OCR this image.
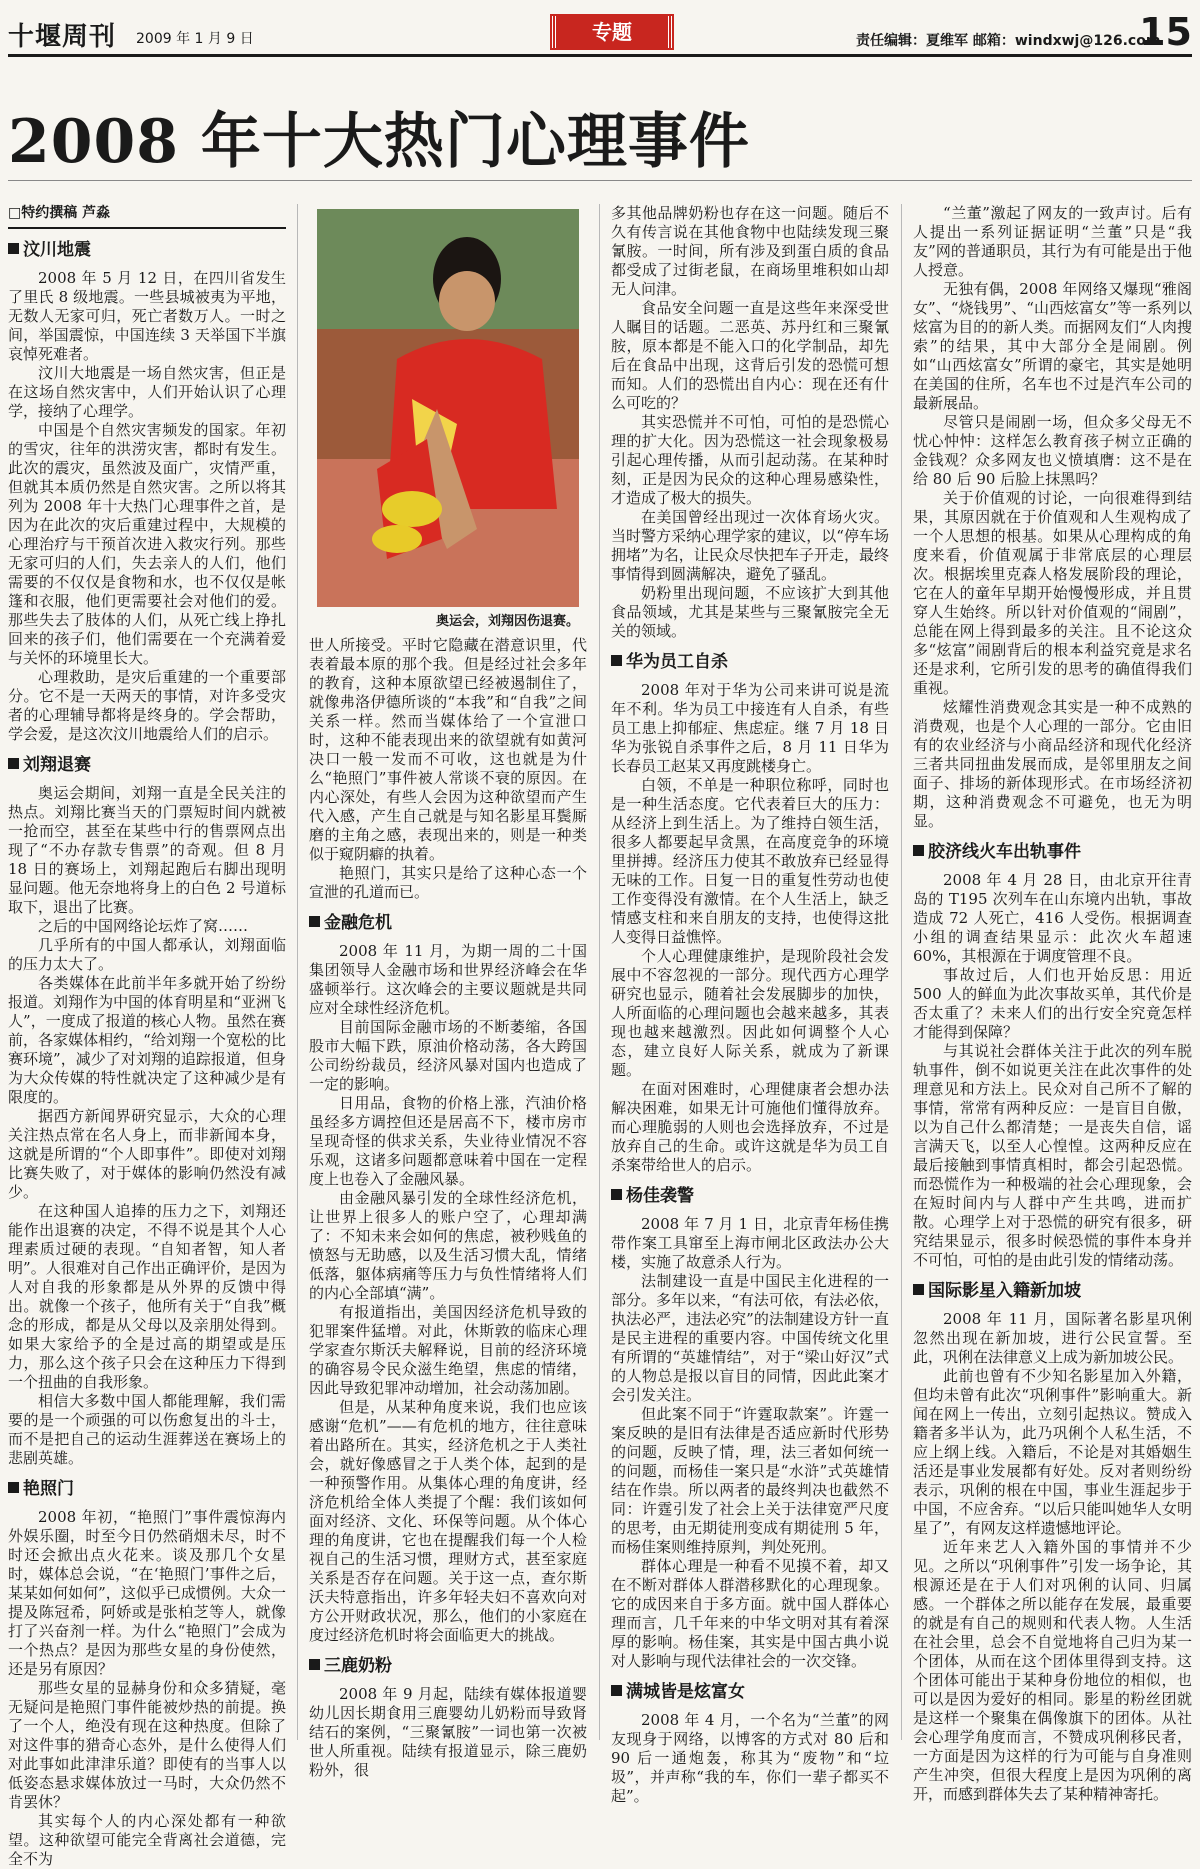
十堰周刊 2009 年 1 月 9 日	专题	责任编辑：夏维军 邮箱：windxwj@126.com
15
2008 年十大热门心理事件
□特约撰稿 芦淼
汶川地震

2008 年 5 月 12 日，在四川省发生了里氏 8 级地震。一些县城被夷为平地，无数人无家可归，死亡者数万人。一时之间，举国震惊，中国连续 3 天举国下半旗哀悼死难者。

汶川大地震是一场自然灾害，但正是在这场自然灾害中，人们开始认识了心理学，接纳了心理学。

中国是个自然灾害频发的国家。年初的雪灾，往年的洪涝灾害，都时有发生。此次的震灾，虽然波及面广，灾情严重，但就其本质仍然是自然灾害。之所以将其列为 2008 年十大热门心理事件之首，是因为在此次的灾后重建过程中，大规模的心理治疗与干预首次进入救灾行列。那些无家可归的人们，失去亲人的人们，他们需要的不仅仅是食物和水，也不仅仅是帐篷和衣服，他们更需要社会对他们的爱。那些失去了肢体的人们，从死亡线上挣扎回来的孩子们，他们需要在一个充满着爱与关怀的环境里长大。

心理救助，是灾后重建的一个重要部分。它不是一天两天的事情，对许多受灾者的心理辅导都将是终身的。学会帮助，学会爱，是这次汶川地震给人们的启示。

刘翔退赛

奥运会期间，刘翔一直是全民关注的热点。刘翔比赛当天的门票短时间内就被一抢而空，甚至在某些中行的售票网点出现了“不办存款专售票”的奇观。但 8 月 18 日的赛场上，刘翔起跑后右脚出现明显问题。他无奈地将身上的白色 2 号道标取下，退出了比赛。

之后的中国网络论坛炸了窝……

几乎所有的中国人都承认，刘翔面临的压力太大了。

各类媒体在此前半年多就开始了纷纷报道。刘翔作为中国的体育明星和“亚洲飞人”，一度成了报道的核心人物。虽然在赛前，各家媒体相约，“给刘翔一个宽松的比赛环境”，减少了对刘翔的追踪报道，但身为大众传媒的特性就决定了这种减少是有限度的。

据西方新闻界研究显示，大众的心理关注热点常在名人身上，而非新闻本身，这就是所谓的“个人即事件”。即使对刘翔比赛失败了，对于媒体的影响仍然没有减少。

在这种国人追捧的压力之下，刘翔还能作出退赛的决定，不得不说是其个人心理素质过硬的表现。“自知者智，知人者明”。人很难对自己作出正确评价，是因为人对自我的形象都是从外界的反馈中得出。就像一个孩子，他所有关于“自我”概念的形成，都是从父母以及亲朋处得到。如果大家给予的全是过高的期望或是压力，那么这个孩子只会在这种压力下得到一个扭曲的自我形象。

相信大多数中国人都能理解，我们需要的是一个顽强的可以伤愈复出的斗士，而不是把自己的运动生涯葬送在赛场上的悲剧英雄。

艳照门

2008 年初，“艳照门”事件震惊海内外娱乐圈，时至今日仍然硝烟未尽，时不时还会掀出点火花来。谈及那几个女星时，媒体总会说，“在‘艳照门’事件之后，某某如何如何”，这似乎已成惯例。大众一提及陈冠希，阿娇或是张柏芝等人，就像打了兴奋剂一样。为什么“艳照门”会成为一个热点？是因为那些女星的身份使然，还是另有原因？

那些女星的显赫身份和众多猜疑，毫无疑问是艳照门事件能被炒热的前提。换了一个人，绝没有现在这种热度。但除了对这件事的猎奇心态外，是什么使得人们对此事如此津津乐道？即使有的当事人以低姿态悬求媒体放过一马时，大众仍然不肯罢休？

其实每个人的内心深处都有一种欲望。这种欲望可能完全背离社会道德，完全不为

奥运会，刘翔因伤退赛。

世人所接受。平时它隐藏在潜意识里，代表着最本原的那个我。但是经过社会多年的教育，这种本原欲望已经被遏制住了，就像弗洛伊德所谈的“本我”和“自我”之间关系一样。然而当媒体给了一个宣泄口时，这种不能表现出来的欲望就有如黄河决口一般一发而不可收，这也就是为什么“艳照门”事件被人常谈不衰的原因。在内心深处，有些人会因为这种欲望而产生代入感，产生自己就是与知名影星耳鬓厮磨的主角之感，表现出来的，则是一种类似于窥阴癖的执着。

艳照门，其实只是给了这种心态一个宣泄的孔道而已。

金融危机

2008 年 11 月，为期一周的二十国集团领导人金融市场和世界经济峰会在华盛顿举行。这次峰会的主要议题就是共同应对全球性经济危机。

目前国际金融市场的不断萎缩，各国股市大幅下跌，原油价格动荡，各大跨国公司纷纷裁员，经济风暴对国内也造成了一定的影响。

日用品，食物的价格上涨，汽油价格虽经多方调控但还是居高不下，楼市房市呈现奇怪的供求关系，失业待业情况不容乐观，这诸多问题都意味着中国在一定程度上也卷入了金融风暴。

由金融风暴引发的全球性经济危机，让世界上很多人的账户空了，心理却满了：不知未来会如何的焦虑，被秒贱鱼的愤怒与无助感，以及生活习惯大乱，情绪低落，躯体病痛等压力与负性情绪将人们的内心全部填“满”。

有报道指出，美国因经济危机导致的犯罪案件猛增。对此，休斯敦的临床心理学家查尔斯沃夫解释说，目前的经济环境的确容易令民众滋生绝望，焦虑的情绪，因此导致犯罪冲动增加，社会动荡加剧。

但是，从某种角度来说，我们也应该感谢“危机”——有危机的地方，往往意味着出路所在。其实，经济危机之于人类社会，就好像感冒之于人类个体，起到的是一种预警作用。从集体心理的角度讲，经济危机给全体人类提了个醒：我们该如何面对经济、文化、环保等问题。从个体心理的角度讲，它也在提醒我们每一个人检视自己的生活习惯，理财方式，甚至家庭关系是否存在问题。关于这一点，查尔斯沃夫特意指出，许多年轻夫妇不喜欢向对方公开财政状况，那么，他们的小家庭在度过经济危机时将会面临更大的挑战。

三鹿奶粉

2008 年 9 月起，陆续有媒体报道婴幼儿因长期食用三鹿婴幼儿奶粉而导致肾结石的案例，“三聚氰胺”一词也第一次被世人所重视。陆续有报道显示，除三鹿奶粉外，很

多其他品牌奶粉也存在这一问题。随后不久有传言说在其他食物中也陆续发现三聚氰胺。一时间，所有涉及到蛋白质的食品都受成了过街老鼠，在商场里堆积如山却无人问津。

食品安全问题一直是这些年来深受世人瞩目的话题。二恶英、苏丹红和三聚氰胺，原本都是不能入口的化学制品，却先后在食品中出现，这背后引发的恐慌可想而知。人们的恐慌出自内心：现在还有什么可吃的？

其实恐慌并不可怕，可怕的是恐慌心理的扩大化。因为恐慌这一社会现象极易引起心理传播，从而引起动荡。在某种时刻，正是因为民众的这种心理易感染性，才造成了极大的损失。

在美国曾经出现过一次体育场火灾。当时警方采纳心理学家的建议，以“停车场拥堵”为名，让民众尽快把车子开走，最终事情得到圆满解决，避免了骚乱。

奶粉里出现问题，不应该扩大到其他食品领域，尤其是某些与三聚氰胺完全无关的领域。

华为员工自杀

2008 年对于华为公司来讲可说是流年不利。华为员工中接连有人自杀，有些员工患上抑郁症、焦虑症。继 7 月 18 日华为张锐自杀事件之后，8 月 11 日华为长春员工赵某又再度跳楼身亡。

白领，不单是一种职位称呼，同时也是一种生活态度。它代表着巨大的压力：从经济上到生活上。为了维持白领生活，很多人都要起早贪黑，在高度竞争的环境里拼搏。经济压力使其不敢放弃已经显得无味的工作。日复一日的重复性劳动也使工作变得没有激情。在个人生活上，缺乏情感支柱和来自朋友的支持，也使得这批人变得日益憔悴。

个人心理健康维护，是现阶段社会发展中不容忽视的一部分。现代西方心理学研究也显示，随着社会发展脚步的加快，人所面临的心理问题也会越来越多，其表现也越来越激烈。因此如何调整个人心态，建立良好人际关系，就成为了新课题。

在面对困难时，心理健康者会想办法解决困难，如果无计可施他们懂得放弃。而心理脆弱的人则也会选择放弃，不过是放弃自己的生命。或许这就是华为员工自杀案带给世人的启示。

杨佳袭警

2008 年 7 月 1 日，北京青年杨佳携带作案工具窜至上海市闸北区政法办公大楼，实施了故意杀人行为。

法制建设一直是中国民主化进程的一部分。多年以来，“有法可依，有法必依，执法必严，违法必究”的法制建设方针一直是民主进程的重要内容。中国传统文化里有所谓的“英雄情结”，对于“梁山好汉”式的人物总是报以盲目的同情，因此此案才会引发关注。

但此案不同于“许霆取款案”。许霆一案反映的是旧有法律是否适应新时代形势的问题，反映了情，理，法三者如何统一的问题，而杨佳一案只是“水浒”式英雄情结在作祟。所以两者的最终判决也截然不同：许霆引发了社会上关于法律宽严尺度的思考，由无期徒刑变成有期徒刑 5 年，而杨佳案则维持原判，判处死刑。

群体心理是一种看不见摸不着，却又在不断对群体人群潜移默化的心理现象。它的成因来自于多方面。就中国人群体心理而言，几千年来的中华文明对其有着深厚的影响。杨佳案，其实是中国古典小说对人影响与现代法律社会的一次交锋。

满城皆是炫富女

2008 年 4 月，一个名为“兰董”的网友现身于网络，以博客的方式对 80 后和 90 后一通炮轰，称其为“废物”和“垃圾”，并声称“我的车，你们一辈子都买不起”。

“兰董”激起了网友的一致声讨。后有人提出一系列证据证明“兰董”只是“我友”网的普通职员，其行为有可能是出于他人授意。

无独有偶，2008 年网络又爆现“雅阁女”、“烧钱男”、“山西炫富女”等一系列以炫富为目的的新人类。而据网友们“人肉搜索”的结果，其中大部分全是闹剧。例如“山西炫富女”所谓的豪宅，其实是她明在美国的住所，名车也不过是汽车公司的最新展品。

尽管只是闹剧一场，但众多父母无不忧心忡忡：这样怎么教育孩子树立正确的金钱观？众多网友也义愤填膺：这不是在给 80 后 90 后脸上抹黑吗？

关于价值观的讨论，一向很难得到结果，其原因就在于价值观和人生观构成了一个人思想的根基。如果从心理构成的角度来看，价值观属于非常底层的心理层次。根据埃里克森人格发展阶段的理论，它在人的童年早期开始慢慢形成，并且贯穿人生始终。所以针对价值观的“闹剧”，总能在网上得到最多的关注。且不论这众多“炫富”闹剧背后的根本利益究竟是求名还是求利，它所引发的思考的确值得我们重视。

炫耀性消费观念其实是一种不成熟的消费观，也是个人心理的一部分。它由旧有的农业经济与小商品经济和现代化经济三者共同扭曲发展而成，是邻里朋友之间面子、排场的新体现形式。在市场经济初期，这种消费观念不可避免，也无为明显。

胶济线火车出轨事件

2008 年 4 月 28 日，由北京开往青岛的 T195 次列车在山东境内出轨，事故造成 72 人死亡，416 人受伤。根据调查小组的调查结果显示：此次火车超速 60%，其根源在于调度管理不良。

事故过后，人们也开始反思：用近 500 人的鲜血为此次事故买单，其代价是否太重了？未来人们的出行安全究竟怎样才能得到保障？

与其说社会群体关注于此次的列车脱轨事件，倒不如说更关注在此次事件的处理意见和方法上。民众对自己所不了解的事情，常常有两种反应：一是盲目自傲，以为自己什么都清楚；一是丧失自信，谣言满天飞，以至人心惶惶。这两种反应在最后接触到事情真相时，都会引起恐慌。而恐慌作为一种极端的社会心理现象，会在短时间内与人群中产生共鸣，进而扩散。心理学上对于恐慌的研究有很多，研究结果显示，很多时候恐慌的事件本身并不可怕，可怕的是由此引发的情绪动荡。

国际影星入籍新加坡

2008 年 11 月，国际著名影星巩俐忽然出现在新加坡，进行公民宣誓。至此，巩俐在法律意义上成为新加坡公民。

此前也曾有不少知名影星加入外籍，但均未曾有此次“巩俐事件”影响重大。新闻在网上一传出，立刻引起热议。赞成入籍者多半认为，此乃巩俐个人私生活，不应上纲上线。入籍后，不论是对其婚姻生活还是事业发展都有好处。反对者则纷纷表示，巩俐的根在中国，事业生涯起步于中国，不应舍弃。“以后只能叫她华人女明星了”，有网友这样遗憾地评论。

近年来艺人入籍外国的事情并不少见。之所以“巩俐事件”引发一场争论，其根源还是在于人们对巩俐的认同、归属感。一个群体之所以能存在发展，最重要的就是有自己的规则和代表人物。人生活在社会里，总会不自觉地将自己归为某一个团体，从而在这个团体里得到支持。这个团体可能出于某种身份地位的相似，也可以是因为爱好的相同。影星的粉丝团就是这样一个聚集在偶像旗下的团体。从社会心理学角度而言，不赞成巩俐移民者，一方面是因为这样的行为可能与自身准则产生冲突，但很大程度上是因为巩俐的离开，而感到群体失去了某种精神寄托。
